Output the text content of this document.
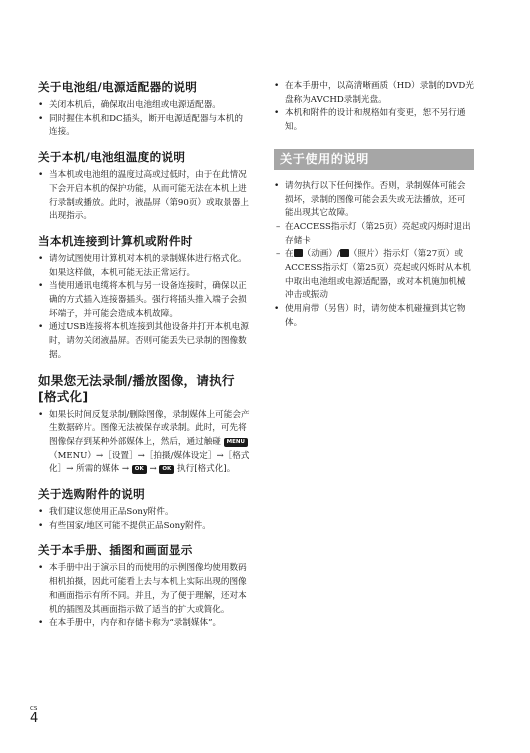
关于电池组/电源适配器的说明
• 关闭本机后，确保取出电池组或电源适配器。
• 同时握住本机和DC插头，断开电源适配器与本机的连接。
关于本机/电池组温度的说明
• 当本机或电池组的温度过高或过低时，由于在此情况下会开启本机的保护功能，从而可能无法在本机上进行录制或播放。此时，液晶屏（第90页）或取景器上出现指示。
当本机连接到计算机或附件时
• 请勿试图使用计算机对本机的录制媒体进行格式化。如果这样做，本机可能无法正常运行。
• 当使用通讯电缆将本机与另一设备连接时，确保以正确的方式插入连接器插头。强行将插头推入端子会损坏端子，并可能会造成本机故障。
• 通过USB连接将本机连接到其他设备并打开本机电源时，请勿关闭液晶屏。否则可能丢失已录制的图像数据。
如果您无法录制/播放图像，请执行[格式化]
• 如果长时间反复录制/删除图像，录制媒体上可能会产生数据碎片。图像无法被保存或录制。此时，可先将图像保存到某种外部媒体上，然后，通过触碰 MENU （MENU）→［设置］→［拍摄/媒体设定］→［格式化］→ 所需的媒体 → OK → OK 执行[格式化]。
关于选购附件的说明
• 我们建议您使用正品Sony附件。
• 有些国家/地区可能不提供正品Sony附件。
关于本手册、插图和画面显示
• 本手册中出于演示目的而使用的示例图像均使用数码相机拍摄，因此可能看上去与本机上实际出现的图像和画面指示有所不同。并且，为了便于理解，还对本机的插图及其画面指示做了适当的扩大或简化。
• 在本手册中，内存和存储卡称为“录制媒体”。
• 在本手册中，以高清晰画质（HD）录制的DVD光盘称为AVCHD录制光盘。
• 本机和附件的设计和规格如有变更，恕不另行通知。
关于使用的说明
• 请勿执行以下任何操作。否则，录制媒体可能会损坏，录制的图像可能会丢失或无法播放，还可能出现其它故障。
– 在ACCESS指示灯（第25页）亮起或闪烁时退出存储卡
– 在 （动画）/ （照片）指示灯（第27页）或ACCESS指示灯（第25页）亮起或闪烁时从本机中取出电池组或电源适配器，或对本机施加机械冲击或振动
• 使用肩带（另售）时，请勿使本机碰撞到其它物体。
CS
4
